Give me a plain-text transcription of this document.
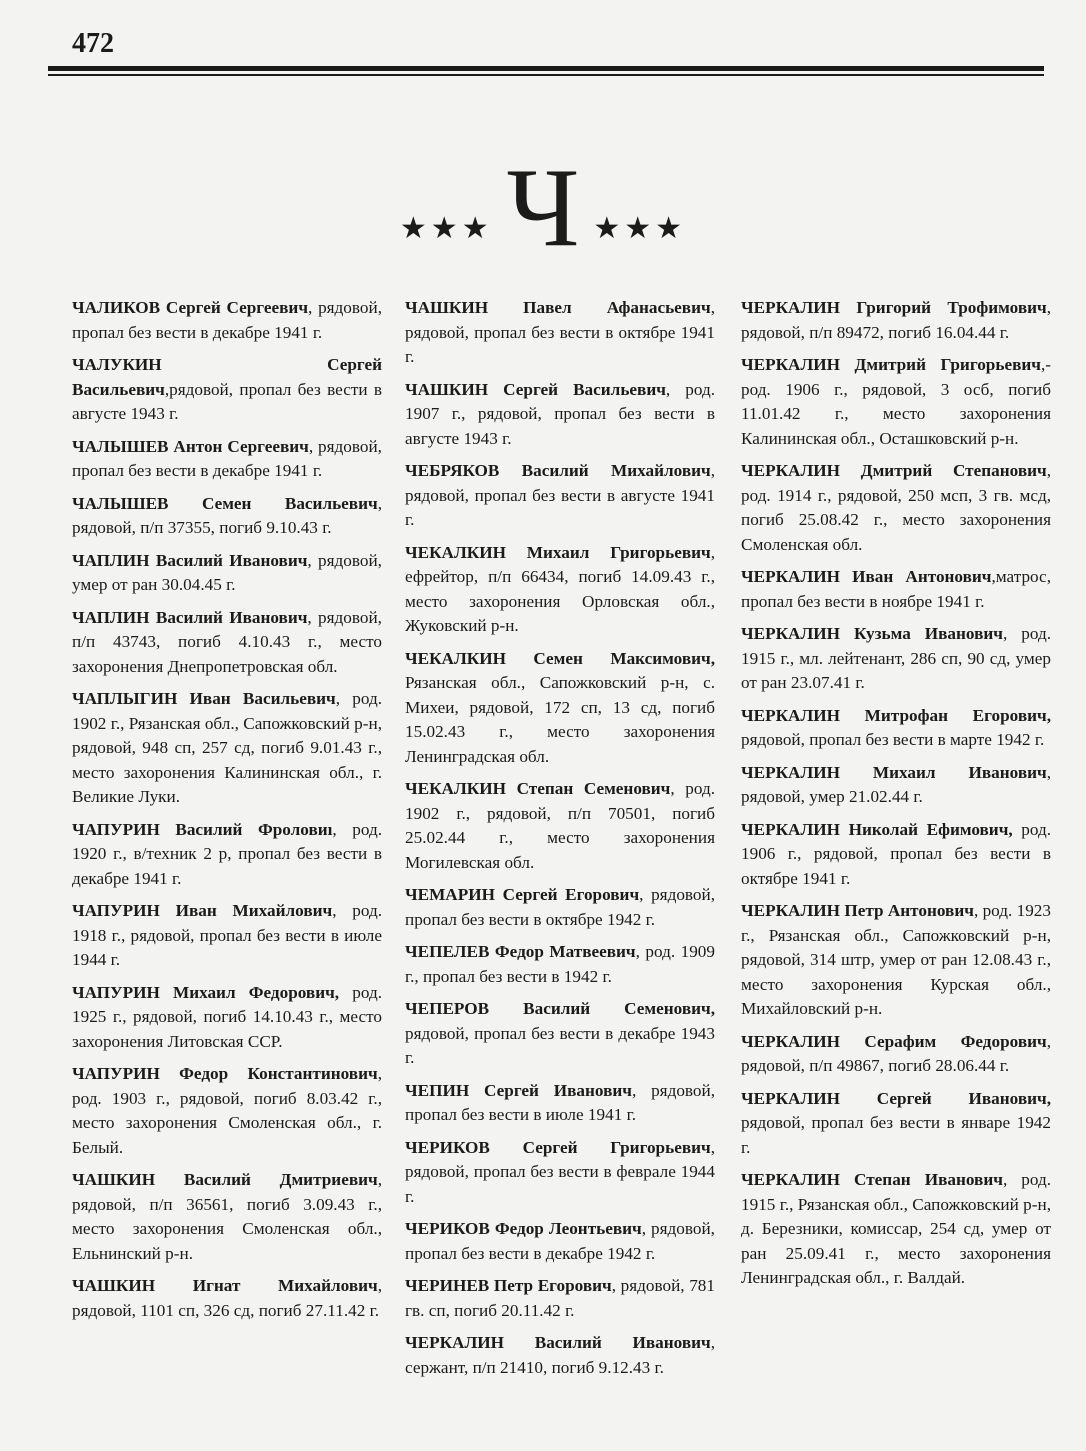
472
★★★ Ч ★★★

ЧАЛИКОВ Сергей Сергеевич, рядовой, пропал без вести в декабре 1941 г.

ЧАЛУКИН Сергей Васильевич,рядовой, пропал без вести в августе 1943 г.

ЧАЛЫШЕВ Антон Сергеевич, рядовой, пропал без вести в декабре 1941 г.

ЧАЛЫШЕВ Семен Васильевич, рядовой, п/п 37355, погиб 9.10.43 г.

ЧАПЛИН Василий Иванович, рядовой, умер от ран 30.04.45 г.

ЧАПЛИН Василий Иванович, рядовой, п/п 43743, погиб 4.10.43 г., место захоронения Днепропетровская обл.

ЧАПЛЫГИН Иван Васильевич, род. 1902 г., Рязанская обл., Сапожковский р-н, рядовой, 948 сп, 257 сд, погиб 9.01.43 г., место захоронения Калининская обл., г. Великие Луки.

ЧАПУРИН Василий Фроловиı, род. 1920 г., в/техник 2 р, пропал без вести в декабре 1941 г.

ЧАПУРИН Иван Михайлович, род. 1918 г., рядовой, пропал без вести в июле 1944 г.

ЧАПУРИН Михаил Федорович, род. 1925 г., рядовой, погиб 14.10.43 г., место захоронения Литовская ССР.

ЧАПУРИН Федор Константинович, род. 1903 г., рядовой, погиб 8.03.42 г., место захоронения Смоленская обл., г. Белый.

ЧАШКИН Василий Дмитриевич, рядовой, п/п 36561, погиб 3.09.43 г., место захоронения Смоленская обл., Ельнинский р-н.

ЧАШКИН Игнат Михайлович, рядовой, 1101 сп, 326 сд, погиб 27.11.42 г.

ЧАШКИН Павел Афанасьевич, рядовой, пропал без вести в октябре 1941 г.

ЧАШКИН Сергей Васильевич, род. 1907 г., рядовой, пропал без вести в августе 1943 г.

ЧЕБРЯКОВ Василий Михайлович, рядовой, пропал без вести в августе 1941 г.

ЧЕКАЛКИН Михаил Григорьевич, ефрейтор, п/п 66434, погиб 14.09.43 г., место захоронения Орловская обл., Жуковский р-н.

ЧЕКАЛКИН Семен Максимович, Рязанская обл., Сапожковский р-н, с. Михеи, рядовой, 172 сп, 13 сд, погиб 15.02.43 г., место захоронения Ленинградская обл.

ЧЕКАЛКИН Степан Семенович, род. 1902 г., рядовой, п/п 70501, погиб 25.02.44 г., место захоронения Могилевская обл.

ЧЕМАРИН Сергей Егорович, рядовой, пропал без вести в октябре 1942 г.

ЧЕПЕЛЕВ Федор Матвеевич, род. 1909 г., пропал без вести в 1942 г.

ЧЕПЕРОВ Василий Семенович, рядовой, пропал без вести в декабре 1943 г.

ЧЕПИН Сергей Иванович, рядовой, пропал без вести в июле 1941 г.

ЧЕРИКОВ Сергей Григорьевич, рядовой, пропал без вести в феврале 1944 г.

ЧЕРИКОВ Федор Леонтьевич, рядовой, пропал без вести в декабре 1942 г.

ЧЕРИНЕВ Петр Егорович, рядовой, 781 гв. сп, погиб 20.11.42 г.

ЧЕРКАЛИН Василий Иванович, сержант, п/п 21410, погиб 9.12.43 г.

ЧЕРКАЛИН Григорий Трофимович, рядовой, п/п 89472, погиб 16.04.44 г.

ЧЕРКАЛИН Дмитрий Григорьевич,- род. 1906 г., рядовой, 3 осб, погиб 11.01.42 г., место захоронения Калининская обл., Осташковский р-н.

ЧЕРКАЛИН Дмитрий Степанович, род. 1914 г., рядовой, 250 мсп, 3 гв. мсд, погиб 25.08.42 г., место захоронения Смоленская обл.

ЧЕРКАЛИН Иван Антонович,матрос, пропал без вести в ноябре 1941 г.

ЧЕРКАЛИН Кузьма Иванович, род. 1915 г., мл. лейтенант, 286 сп, 90 сд, умер от ран 23.07.41 г.

ЧЕРКАЛИН Митрофан Егорович, рядовой, пропал без вести в марте 1942 г.

ЧЕРКАЛИН Михаил Иванович, рядовой, умер 21.02.44 г.

ЧЕРКАЛИН Николай Ефимович, род. 1906 г., рядовой, пропал без вести в октябре 1941 г.

ЧЕРКАЛИН Петр Антонович, род. 1923 г., Рязанская обл., Сапожковский р-н, рядовой, 314 штр, умер от ран 12.08.43 г., место захоронения Курская обл., Михайловский р-н.

ЧЕРКАЛИН Серафим Федорович, рядовой, п/п 49867, погиб 28.06.44 г.

ЧЕРКАЛИН Сергей Иванович, рядовой, пропал без вести в январе 1942 г.

ЧЕРКАЛИН Степан Иванович, род. 1915 г., Рязанская обл., Сапожковский р-н, д. Березники, комиссар, 254 сд, умер от ран 25.09.41 г., место захоронения Ленинградская обл., г. Валдай.
